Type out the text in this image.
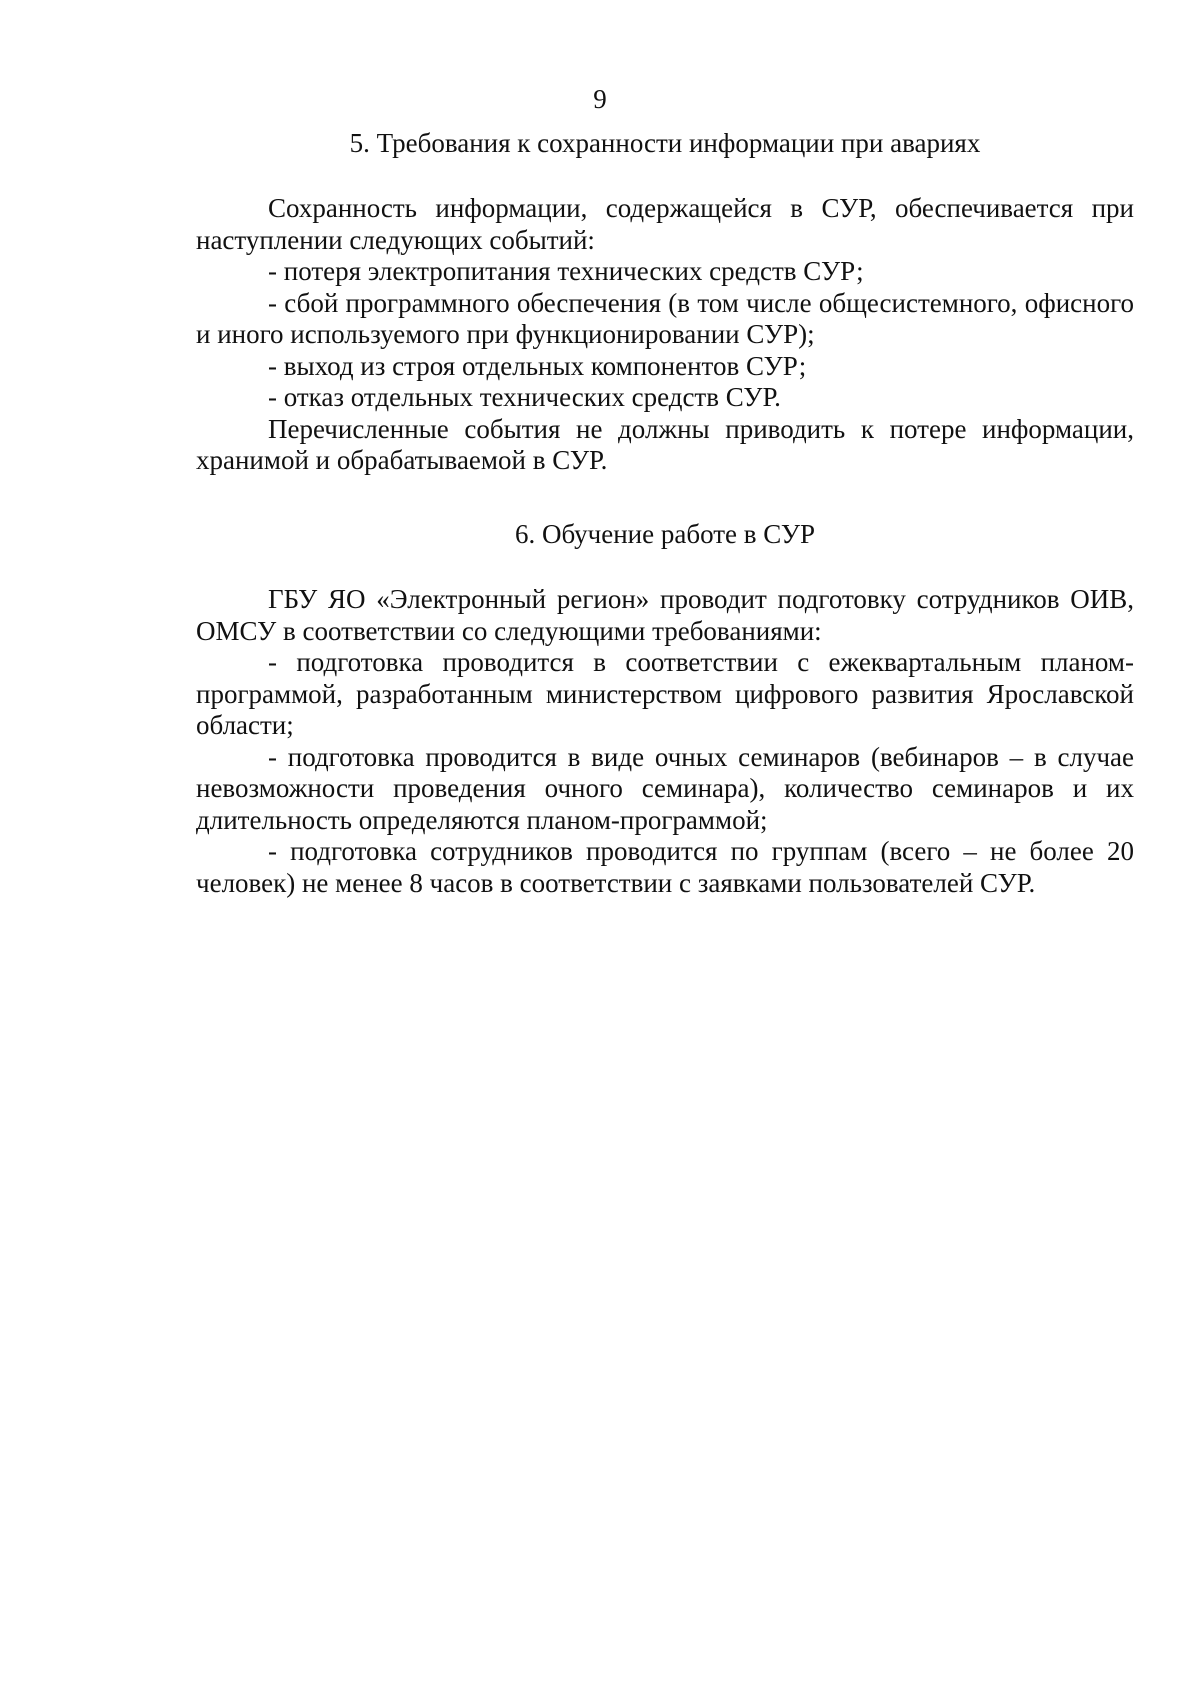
9
5. Требования к сохранности информации при авариях

Сохранность информации, содержащейся в СУР, обеспечивается при наступлении следующих событий:

- потеря электропитания технических средств СУР;

- сбой программного обеспечения (в том числе общесистемного, офисного и иного используемого при функционировании СУР);

- выход из строя отдельных компонентов СУР;

- отказ отдельных технических средств СУР.

Перечисленные события не должны приводить к потере информации, хранимой и обрабатываемой в СУР.

6. Обучение работе в СУР

ГБУ ЯО «Электронный регион» проводит подготовку сотрудников ОИВ, ОМСУ в соответствии со следующими требованиями:

- подготовка проводится в соответствии с ежеквартальным планом-программой, разработанным министерством цифрового развития Ярославской области;

- подготовка проводится в виде очных семинаров (вебинаров – в случае невозможности проведения очного семинара), количество семинаров и их длительность определяются планом-программой;

- подготовка сотрудников проводится по группам (всего – не более 20 человек) не менее 8 часов в соответствии с заявками пользователей СУР.
